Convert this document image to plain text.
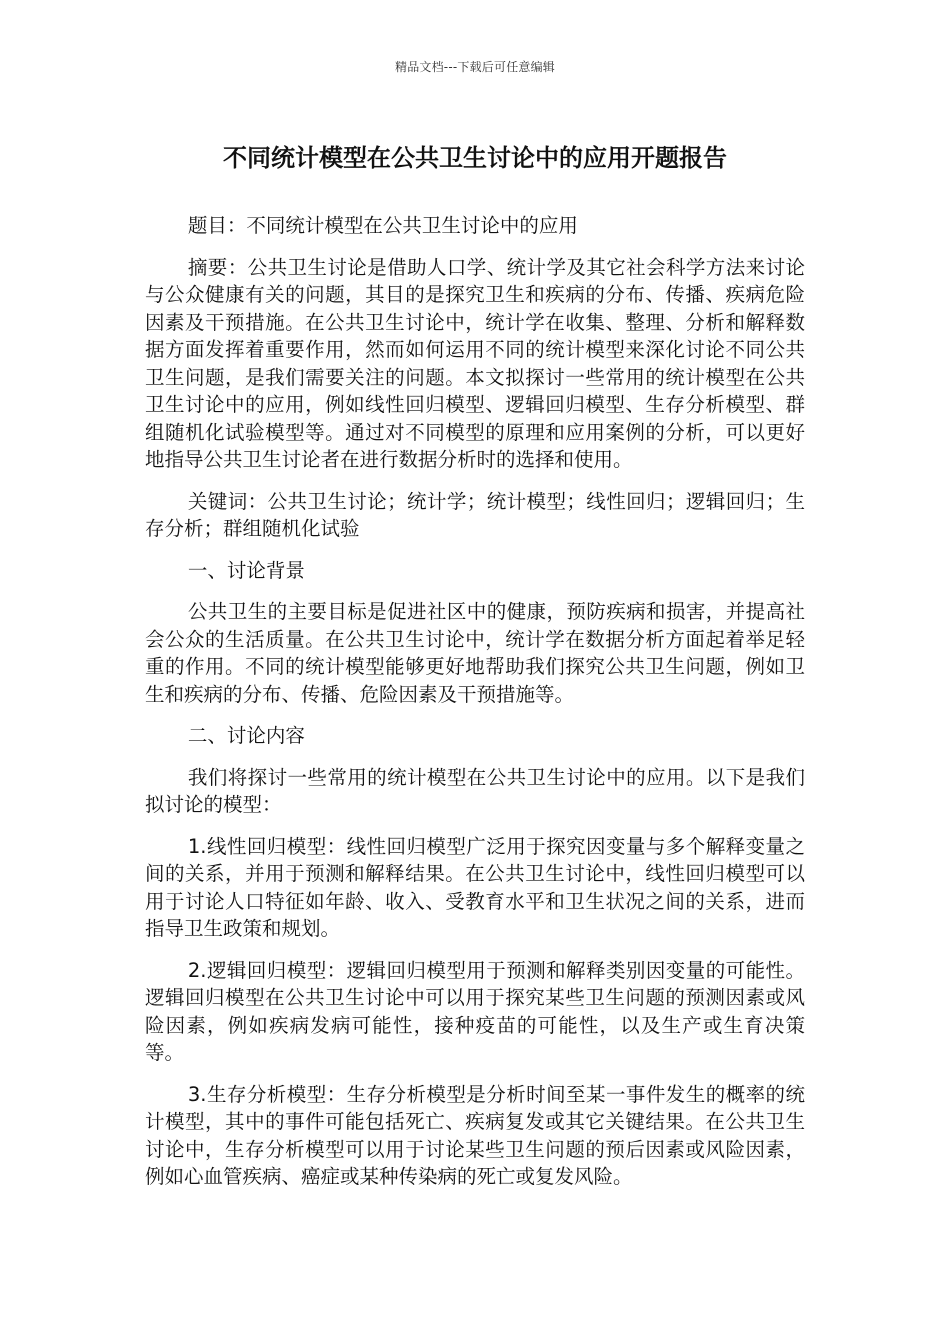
精品文档---下载后可任意编辑
不同统计模型在公共卫生讨论中的应用开题报告

题目：不同统计模型在公共卫生讨论中的应用

摘要：公共卫生讨论是借助人口学、统计学及其它社会科学方法来讨论与公众健康有关的问题，其目的是探究卫生和疾病的分布、传播、疾病危险因素及干预措施。在公共卫生讨论中，统计学在收集、整理、分析和解释数据方面发挥着重要作用，然而如何运用不同的统计模型来深化讨论不同公共卫生问题，是我们需要关注的问题。本文拟探讨一些常用的统计模型在公共卫生讨论中的应用，例如线性回归模型、逻辑回归模型、生存分析模型、群组随机化试验模型等。通过对不同模型的原理和应用案例的分析，可以更好地指导公共卫生讨论者在进行数据分析时的选择和使用。

关键词：公共卫生讨论；统计学；统计模型；线性回归；逻辑回归；生存分析；群组随机化试验

一、讨论背景

公共卫生的主要目标是促进社区中的健康，预防疾病和损害，并提高社会公众的生活质量。在公共卫生讨论中，统计学在数据分析方面起着举足轻重的作用。不同的统计模型能够更好地帮助我们探究公共卫生问题，例如卫生和疾病的分布、传播、危险因素及干预措施等。

二、讨论内容

我们将探讨一些常用的统计模型在公共卫生讨论中的应用。以下是我们拟讨论的模型：

1.线性回归模型：线性回归模型广泛用于探究因变量与多个解释变量之间的关系，并用于预测和解释结果。在公共卫生讨论中，线性回归模型可以用于讨论人口特征如年龄、收入、受教育水平和卫生状况之间的关系，进而指导卫生政策和规划。

2.逻辑回归模型：逻辑回归模型用于预测和解释类别因变量的可能性。逻辑回归模型在公共卫生讨论中可以用于探究某些卫生问题的预测因素或风险因素，例如疾病发病可能性，接种疫苗的可能性，以及生产或生育决策等。

3.生存分析模型：生存分析模型是分析时间至某一事件发生的概率的统计模型，其中的事件可能包括死亡、疾病复发或其它关键结果。在公共卫生讨论中，生存分析模型可以用于讨论某些卫生问题的预后因素或风险因素，例如心血管疾病、癌症或某种传染病的死亡或复发风险。
